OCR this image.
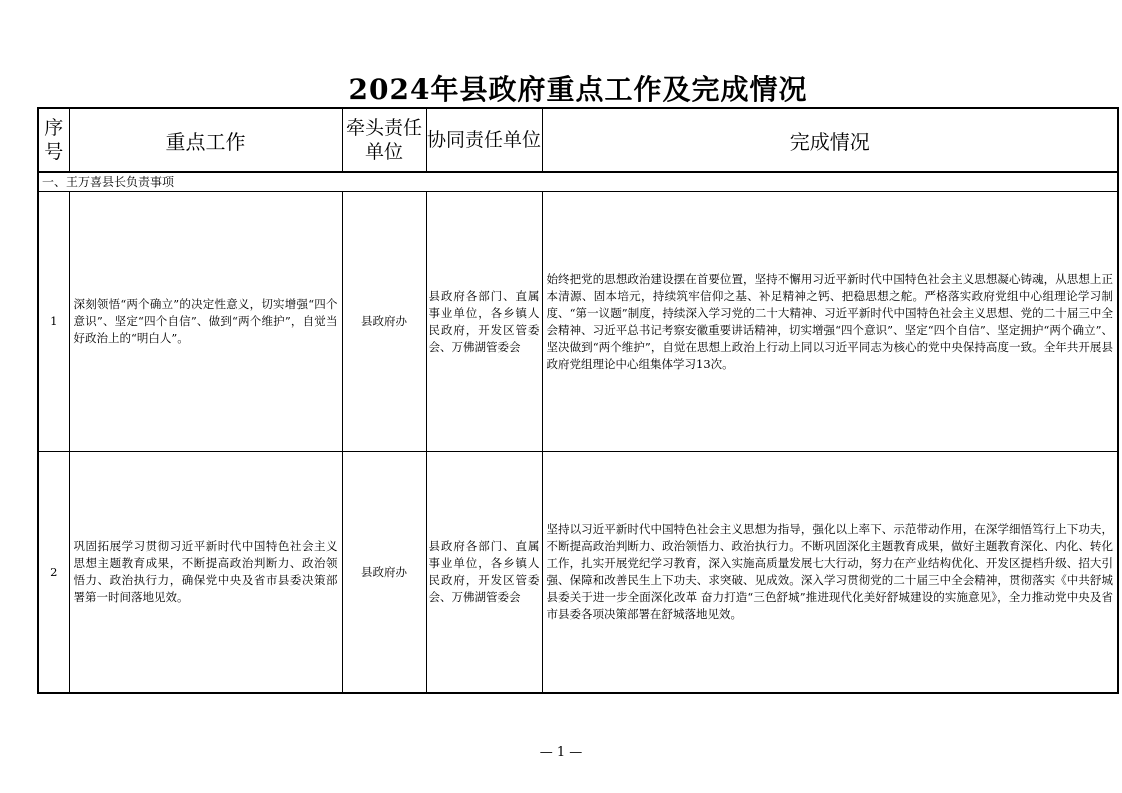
2024年县政府重点工作及完成情况
序号	重点工作	牵头责任单位	协同责任单位	完成情况
一、王万喜县长负责事项				
1	深刻领悟“两个确立”的决定性意义，切实增强“四个意识”、坚定“四个自信”、做到“两个维护”，自觉当好政治上的“明白人”。	县政府办	县政府各部门、直属事业单位，各乡镇人民政府，开发区管委会、万佛湖管委会	始终把党的思想政治建设摆在首要位置，坚持不懈用习近平新时代中国特色社会主义思想凝心铸魂，从思想上正本清源、固本培元，持续筑牢信仰之基、补足精神之钙、把稳思想之舵。严格落实政府党组中心组理论学习制度、“第一议题”制度，持续深入学习党的二十大精神、习近平新时代中国特色社会主义思想、党的二十届三中全会精神、习近平总书记考察安徽重要讲话精神，切实增强“四个意识”、坚定“四个自信”、坚定拥护“两个确立”、坚决做到“两个维护”，自觉在思想上政治上行动上同以习近平同志为核心的党中央保持高度一致。全年共开展县政府党组理论中心组集体学习13次。
2	巩固拓展学习贯彻习近平新时代中国特色社会主义思想主题教育成果，不断提高政治判断力、政治领悟力、政治执行力，确保党中央及省市县委决策部署第一时间落地见效。	县政府办	县政府各部门、直属事业单位，各乡镇人民政府，开发区管委会、万佛湖管委会	坚持以习近平新时代中国特色社会主义思想为指导，强化以上率下、示范带动作用，在深学细悟笃行上下功夫，不断提高政治判断力、政治领悟力、政治执行力。不断巩固深化主题教育成果，做好主题教育深化、内化、转化工作，扎实开展党纪学习教育，深入实施高质量发展七大行动，努力在产业结构优化、开发区提档升级、招大引强、保障和改善民生上下功夫、求突破、见成效。深入学习贯彻党的二十届三中全会精神，贯彻落实《中共舒城县委关于进一步全面深化改革 奋力打造“三色舒城”推进现代化美好舒城建设的实施意见》，全力推动党中央及省市县委各项决策部署在舒城落地见效。
— 1 —
